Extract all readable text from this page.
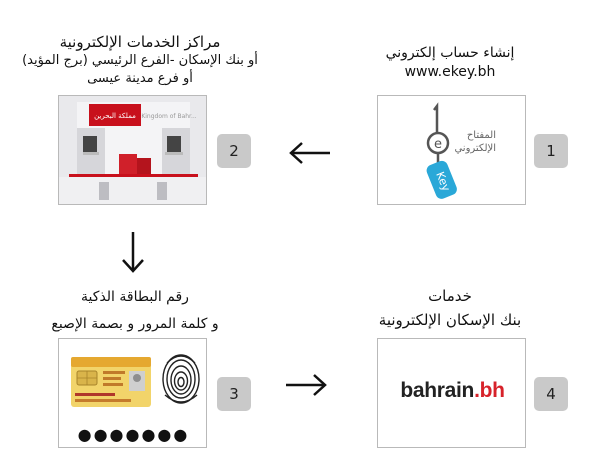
إنشاء حساب إلكتروني
www.ekey.bh
e
Key
المفتاح
الإلكتروني	1
مراكز الخدمات الإلكترونية
أو بنك الإسكان -الفرع الرئيسي (برج المؤيد)
أو فرع مدينة عيسى
مملكة البحرين Kingdom of Bahr...
2
رقم البطاقة الذكية
و كلمة المرور و بصمة الإصبع
●●●●●●●
3
خدمات
بنك الإسكان الإلكترونية
bahrain.bh	4
